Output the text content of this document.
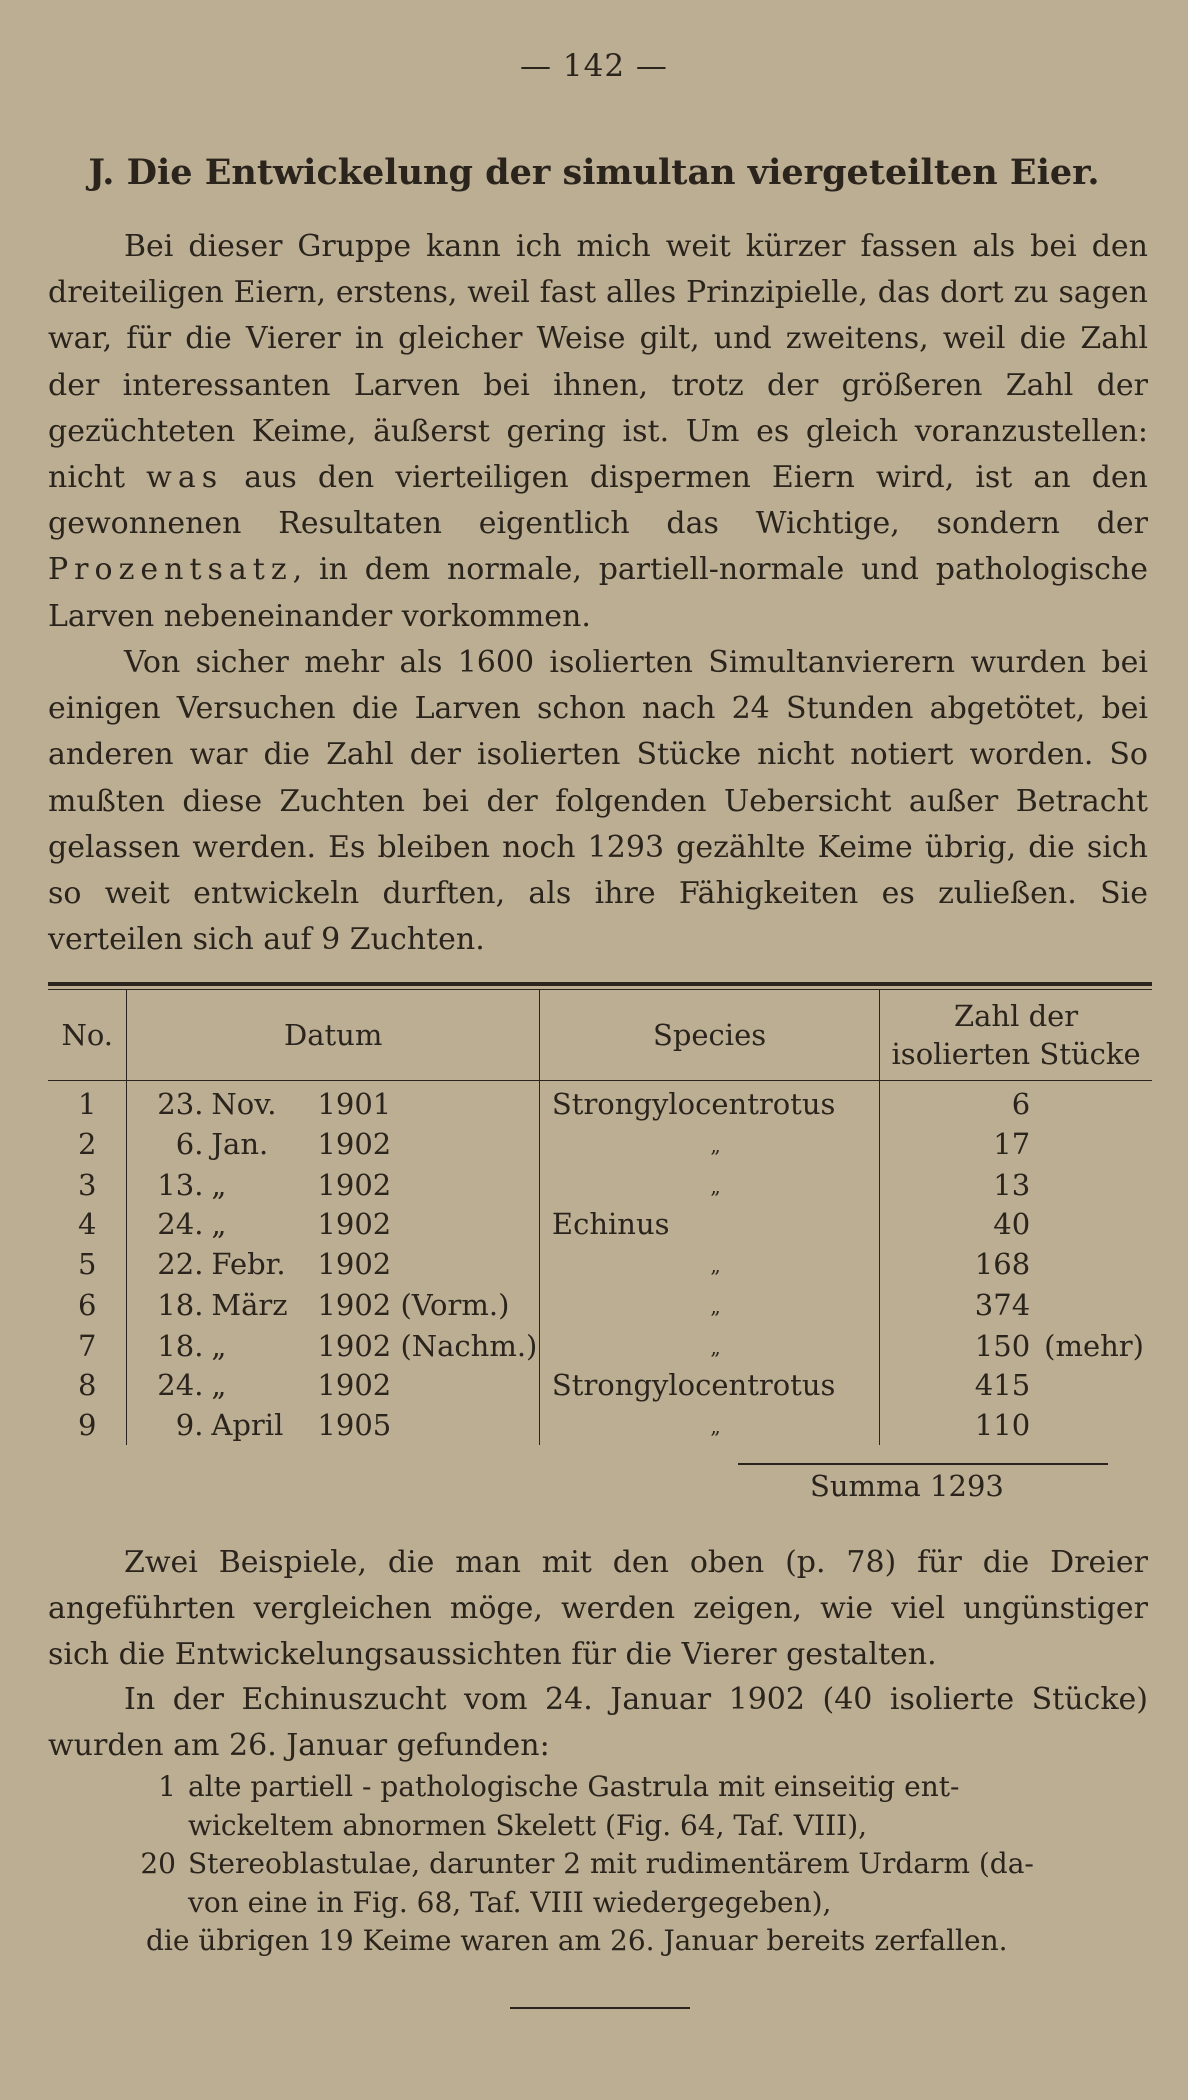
— 142 —
J. Die Entwickelung der simultan viergeteilten Eier.

Bei dieser Gruppe kann ich mich weit kürzer fassen als bei den dreiteiligen Eiern, erstens, weil fast alles Prinzipielle, das dort zu sagen war, für die Vierer in gleicher Weise gilt, und zweitens, weil die Zahl der interessanten Larven bei ihnen, trotz der größeren Zahl der gezüchteten Keime, äußerst gering ist. Um es gleich voranzustellen: nicht was aus den vierteiligen dispermen Eiern wird, ist an den gewonnenen Resultaten eigentlich das Wichtige, sondern der Prozentsatz, in dem normale, partiell-normale und pathologische Larven nebeneinander vorkommen.

Von sicher mehr als 1600 isolierten Simultanvierern wurden bei einigen Versuchen die Larven schon nach 24 Stunden abgetötet, bei anderen war die Zahl der isolierten Stücke nicht notiert worden. So mußten diese Zuchten bei der folgenden Uebersicht außer Betracht gelassen werden. Es bleiben noch 1293 gezählte Keime übrig, die sich so weit entwickeln durften, als ihre Fähigkeiten es zuließen. Sie verteilen sich auf 9 Zuchten.

No.	Datum	Species	Zahl der
isolierten Stücke

1	23. Nov. 1901	Strongylocentrotus	6

2	6. Jan. 1902	„	17

3	13. „ 1902	„	13

4	24. „ 1902	Echinus	40

5	22. Febr. 1902	„	168

6	18. März 1902 (Vorm.)	„	374

7	18. „ 1902 (Nachm.)	„	150 (mehr)

8	24. „ 1902	Strongylocentrotus	415

9	9. April 1905	„	110
Summa 1293

Zwei Beispiele, die man mit den oben (p. 78) für die Dreier angeführten vergleichen möge, werden zeigen, wie viel ungünstiger sich die Entwickelungsaussichten für die Vierer gestalten.

In der Echinuszucht vom 24. Januar 1902 (40 isolierte Stücke) wurden am 26. Januar gefunden:

1 alte partiell - pathologische Gastrula mit einseitig ent-
wickeltem abnormen Skelett (Fig. 64, Taf. VIII),
20 Stereoblastulae, darunter 2 mit rudimentärem Urdarm (da-
von eine in Fig. 68, Taf. VIII wiedergegeben),
die übrigen 19 Keime waren am 26. Januar bereits zerfallen.
